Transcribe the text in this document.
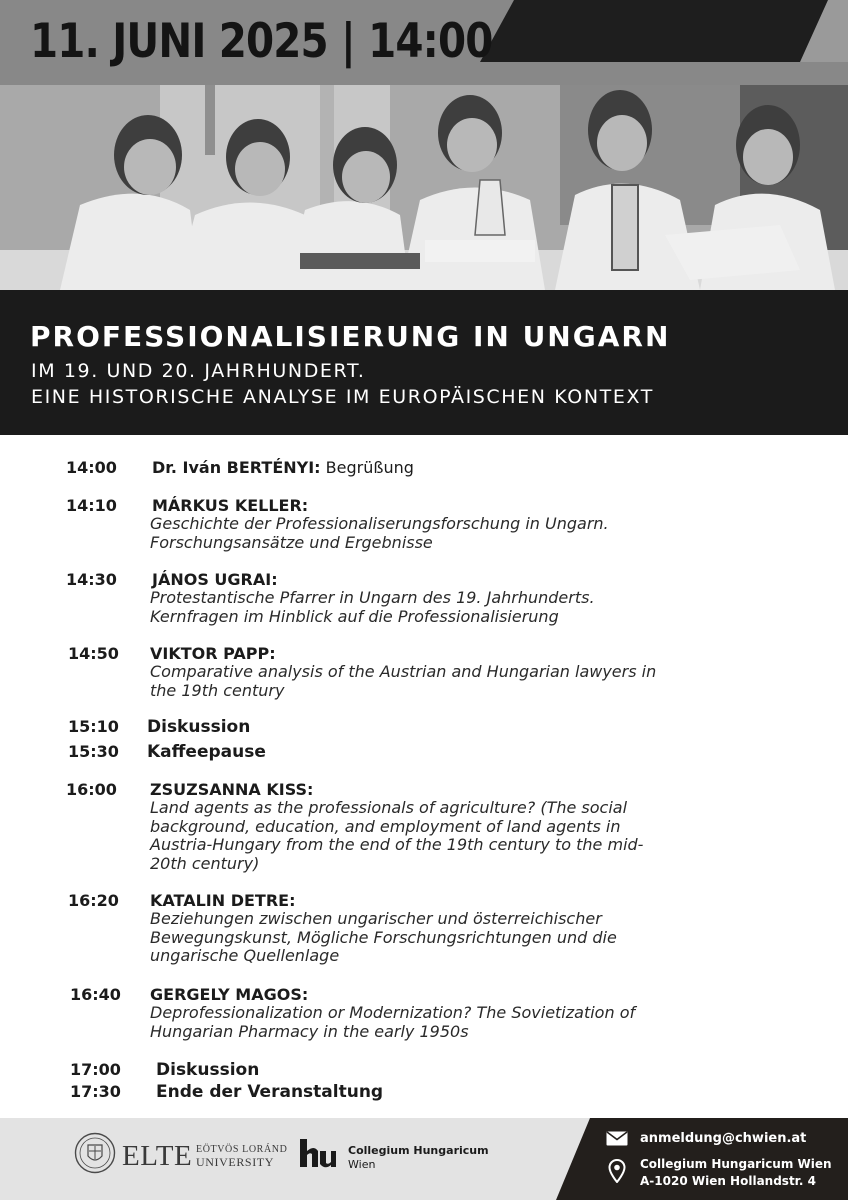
11. JUNI 2025 | 14:00
PROFESSIONALISIERUNG IN UNGARN
IM 19. UND 20. JAHRHUNDERT.
EINE HISTORISCHE ANALYSE IM EUROPÄISCHEN KONTEXT
14:00 Dr. Iván BERTÉNYI: Begrüßung
14:10 MÁRKUS KELLER:
Geschichte der Professionaliserungsforschung in Ungarn.
Forschungsansätze und Ergebnisse
14:30 JÁNOS UGRAI:
Protestantische Pfarrer in Ungarn des 19. Jahrhunderts.
Kernfragen im Hinblick auf die Professionalisierung
14:50 VIKTOR PAPP:
Comparative analysis of the Austrian and Hungarian lawyers in
the 19th century
15:10 Diskussion
15:30 Kaffeepause
16:00 ZSUZSANNA KISS:
Land agents as the professionals of agriculture? (The social
background, education, and employment of land agents in
Austria-Hungary from the end of the 19th century to the mid-
20th century)
16:20 KATALIN DETRE:
Beziehungen zwischen ungarischer und österreichischer
Bewegungskunst, Mögliche Forschungsrichtungen und die
ungarische Quellenlage
16:40 GERGELY MAGOS:
Deprofessionalization or Modernization? The Sovietization of
Hungarian Pharmacy in the early 1950s
17:00 Diskussion
17:30 Ende der Veranstaltung
ELTE EÖTVÖS LORÁND
UNIVERSITY
Collegium Hungaricum
Wien
anmeldung@chwien.at
Collegium Hungaricum Wien
A-1020 Wien Hollandstr. 4
